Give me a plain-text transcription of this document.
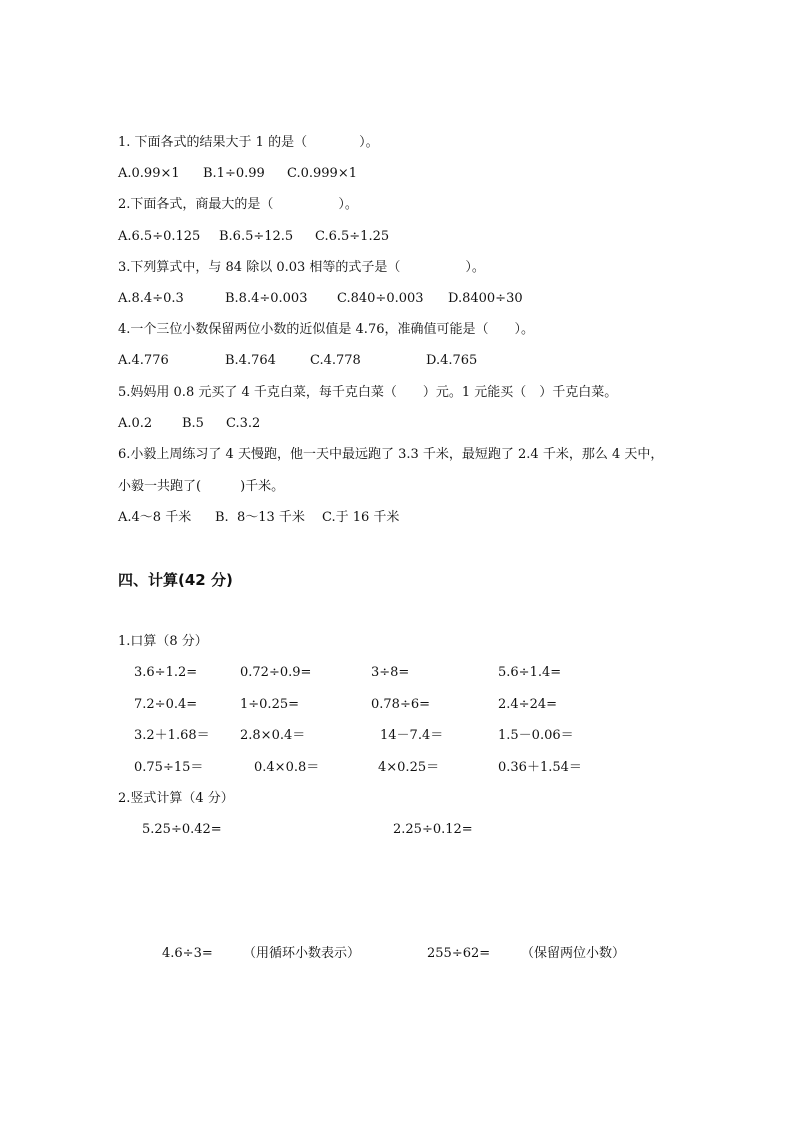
1. 下面各式的结果大于 1 的是（　　　　）。
A.0.99×1 B.1÷0.99 C.0.999×1
2.下面各式，商最大的是（　　　　　）。
A.6.5÷0.125 B.6.5÷12.5 C.6.5÷1.25
3.下列算式中，与 84 除以 0.03 相等的式子是（　　　　　）。
A.8.4÷0.3	B.8.4÷0.003 C.840÷0.003 D.8400÷30
4.一个三位小数保留两位小数的近似值是 4.76，准确值可能是（　　）。
A.4.776	B.4.764	C.4.778	D.4.765
5.妈妈用 0.8 元买了 4 千克白菜，每千克白菜（　　）元。1 元能买（　）千克白菜。
A.0.2 B.5 C.3.2
6.小毅上周练习了 4 天慢跑，他一天中最远跑了 3.3 千米，最短跑了 2.4 千米，那么 4 天中，
小毅一共跑了(　　　)千米。
A.4～8 千米 B.  8～13 千米 C.于 16 千米
四、计算(42 分)
1.口算（8 分）
3.6÷1.2=	0.72÷0.9=	3÷8=	5.6÷1.4=
7.2÷0.4=	1÷0.25=	0.78÷6=	2.4÷24=
3.2＋1.68＝ 2.8×0.4＝	14－7.4＝	1.5－0.06＝
0.75÷15＝	0.4×0.8＝	4×0.25＝	0.36＋1.54＝
2.竖式计算（4 分）
5.25÷0.42=	2.25÷0.12=
4.6÷3= （用循环小数表示）	255÷62= （保留两位小数）
